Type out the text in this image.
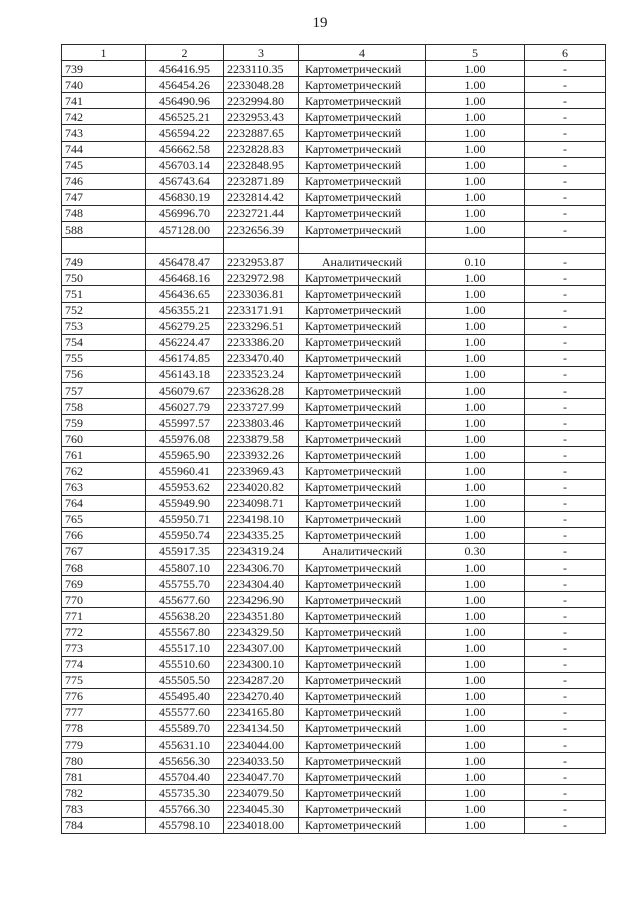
19
1	2	3	4	5	6
739	456416.95	2233110.35	Картометрический	1.00	-
740	456454.26	2233048.28	Картометрический	1.00	-
741	456490.96	2232994.80	Картометрический	1.00	-
742	456525.21	2232953.43	Картометрический	1.00	-
743	456594.22	2232887.65	Картометрический	1.00	-
744	456662.58	2232828.83	Картометрический	1.00	-
745	456703.14	2232848.95	Картометрический	1.00	-
746	456743.64	2232871.89	Картометрический	1.00	-
747	456830.19	2232814.42	Картометрический	1.00	-
748	456996.70	2232721.44	Картометрический	1.00	-
588	457128.00	2232656.39	Картометрический	1.00	-

749	456478.47	2232953.87	Аналитический	0.10	-
750	456468.16	2232972.98	Картометрический	1.00	-
751	456436.65	2233036.81	Картометрический	1.00	-
752	456355.21	2233171.91	Картометрический	1.00	-
753	456279.25	2233296.51	Картометрический	1.00	-
754	456224.47	2233386.20	Картометрический	1.00	-
755	456174.85	2233470.40	Картометрический	1.00	-
756	456143.18	2233523.24	Картометрический	1.00	-
757	456079.67	2233628.28	Картометрический	1.00	-
758	456027.79	2233727.99	Картометрический	1.00	-
759	455997.57	2233803.46	Картометрический	1.00	-
760	455976.08	2233879.58	Картометрический	1.00	-
761	455965.90	2233932.26	Картометрический	1.00	-
762	455960.41	2233969.43	Картометрический	1.00	-
763	455953.62	2234020.82	Картометрический	1.00	-
764	455949.90	2234098.71	Картометрический	1.00	-
765	455950.71	2234198.10	Картометрический	1.00	-
766	455950.74	2234335.25	Картометрический	1.00	-
767	455917.35	2234319.24	Аналитический	0.30	-
768	455807.10	2234306.70	Картометрический	1.00	-
769	455755.70	2234304.40	Картометрический	1.00	-
770	455677.60	2234296.90	Картометрический	1.00	-
771	455638.20	2234351.80	Картометрический	1.00	-
772	455567.80	2234329.50	Картометрический	1.00	-
773	455517.10	2234307.00	Картометрический	1.00	-
774	455510.60	2234300.10	Картометрический	1.00	-
775	455505.50	2234287.20	Картометрический	1.00	-
776	455495.40	2234270.40	Картометрический	1.00	-
777	455577.60	2234165.80	Картометрический	1.00	-
778	455589.70	2234134.50	Картометрический	1.00	-
779	455631.10	2234044.00	Картометрический	1.00	-
780	455656.30	2234033.50	Картометрический	1.00	-
781	455704.40	2234047.70	Картометрический	1.00	-
782	455735.30	2234079.50	Картометрический	1.00	-
783	455766.30	2234045.30	Картометрический	1.00	-
784	455798.10	2234018.00	Картометрический	1.00	-
